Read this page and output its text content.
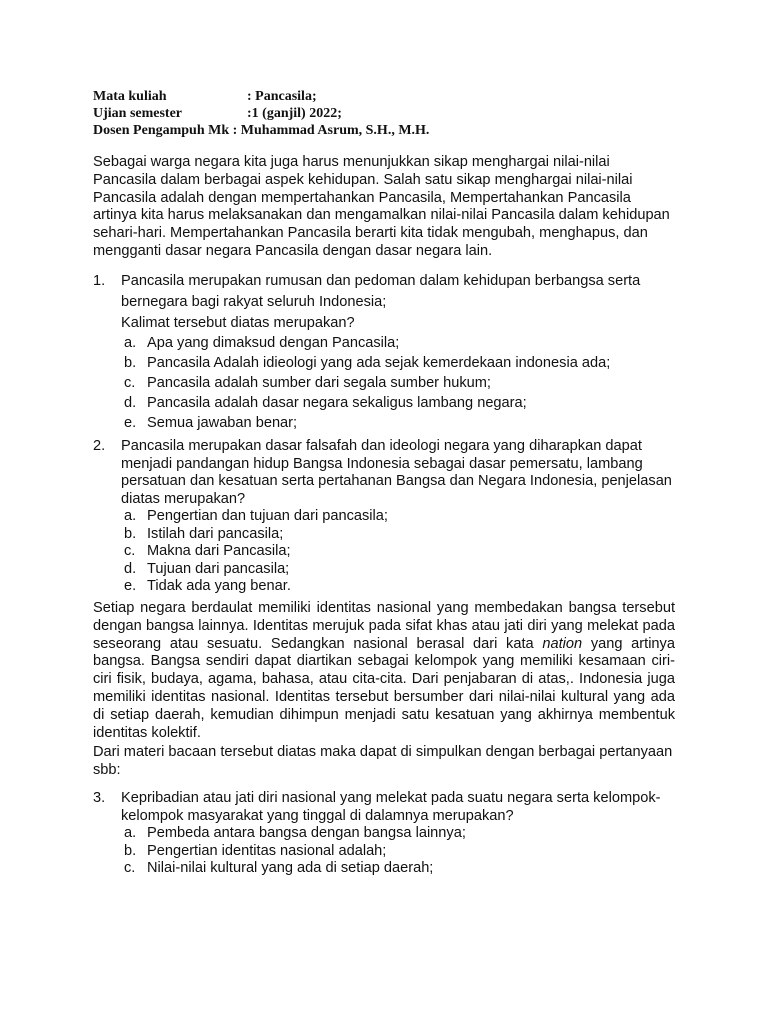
Mata kuliah	: Pancasila;
Ujian semester	:1 (ganjil) 2022;
Dosen Pengampuh Mk : Muhammad Asrum, S.H., M.H.

Sebagai warga negara kita juga harus menunjukkan sikap menghargai nilai-nilai Pancasila dalam berbagai aspek kehidupan. Salah satu sikap menghargai nilai-nilai Pancasila adalah dengan mempertahankan Pancasila, Mempertahankan Pancasila artinya kita harus melaksanakan dan mengamalkan nilai-nilai Pancasila dalam kehidupan sehari-hari. Mempertahankan Pancasila berarti kita tidak mengubah, menghapus, dan mengganti dasar negara Pancasila dengan dasar negara lain.

1. Pancasila merupakan rumusan dan pedoman dalam kehidupan berbangsa serta
bernegara bagi rakyat seluruh Indonesia;
Kalimat tersebut diatas merupakan?
a. Apa yang dimaksud dengan Pancasila;
b. Pancasila Adalah idieologi yang ada sejak kemerdekaan indonesia ada;
c. Pancasila adalah sumber dari segala sumber hukum;
d. Pancasila adalah dasar negara sekaligus lambang negara;
e. Semua jawaban benar;
2. Pancasila merupakan dasar falsafah dan ideologi negara yang diharapkan dapat menjadi pandangan hidup Bangsa Indonesia sebagai dasar pemersatu, lambang persatuan dan kesatuan serta pertahanan Bangsa dan Negara Indonesia, penjelasan diatas merupakan?
a. Pengertian dan tujuan dari pancasila;
b. Istilah dari pancasila;
c. Makna dari Pancasila;
d. Tujuan dari pancasila;
e. Tidak ada yang benar.

Setiap negara berdaulat memiliki identitas nasional yang membedakan bangsa tersebut dengan bangsa lainnya. Identitas merujuk pada sifat khas atau jati diri yang melekat pada seseorang atau sesuatu. Sedangkan nasional berasal dari kata nation yang artinya bangsa. Bangsa sendiri dapat diartikan sebagai kelompok yang memiliki kesamaan ciri-ciri fisik, budaya, agama, bahasa, atau cita-cita. Dari penjabaran di atas,. Indonesia juga memiliki identitas nasional. Identitas tersebut bersumber dari nilai-nilai kultural yang ada di setiap daerah, kemudian dihimpun menjadi satu kesatuan yang akhirnya membentuk identitas kolektif.

Dari materi bacaan tersebut diatas maka dapat di simpulkan dengan berbagai pertanyaan sbb:

3. Kepribadian atau jati diri nasional yang melekat pada suatu negara serta kelompok-kelompok masyarakat yang tinggal di dalamnya merupakan?
a. Pembeda antara bangsa dengan bangsa lainnya;
b. Pengertian identitas nasional adalah;
c. Nilai-nilai kultural yang ada di setiap daerah;
